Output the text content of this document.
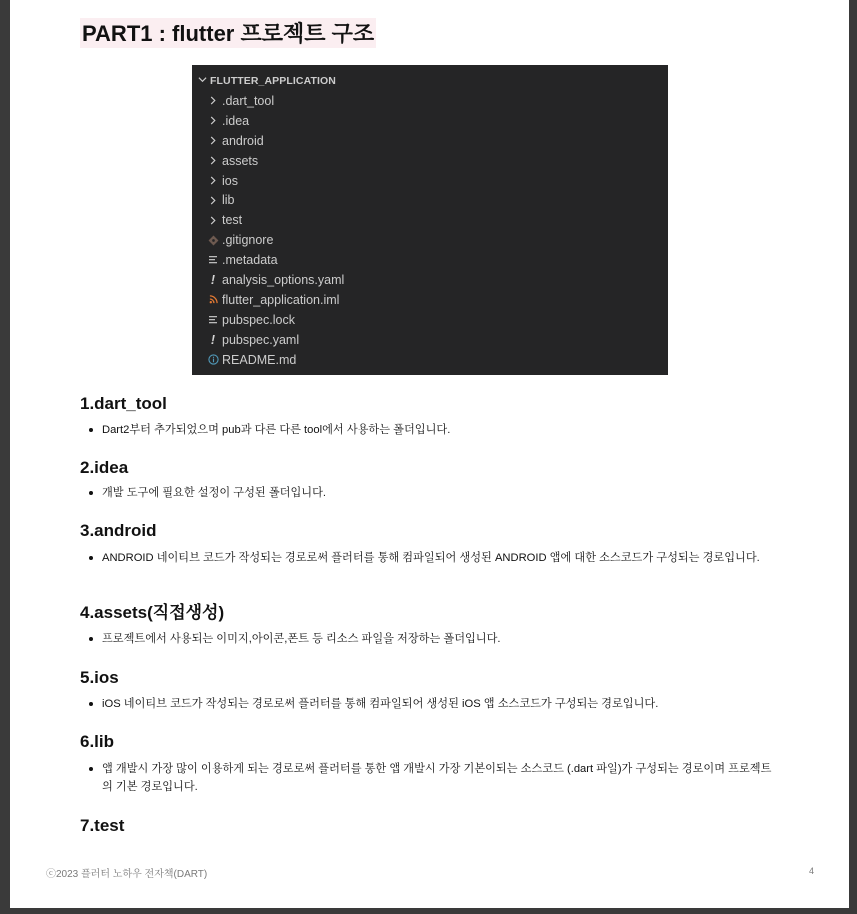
PART1 : flutter 프로젝트 구조
FLUTTER_APPLICATION
.dart_tool
.idea
android
assets
ios
lib
test
.gitignore
.metadata
! analysis_options.yaml
flutter_application.iml
pubspec.lock
! pubspec.yaml
README.md
1.dart_tool
Dart2부터 추가되었으며 pub과 다른 다른 tool에서 사용하는 폴더입니다.
2.idea
개발 도구에 필요한 설정이 구성된 폴더입니다.
3.android
ANDROID 네이티브 코드가 작성되는 경로로써 플러터를 통해 컴파일되어 생성된 ANDROID 앱에 대한 소스코드가 구성되는 경로입니다.
4.assets(직접생성)
프로젝트에서 사용되는 이미지,아이콘,폰트 등 리소스 파일을 저장하는 폴더입니다.
5.ios
iOS 네이티브 코드가 작성되는 경로로써 플러터를 통해 컴파일되어 생성된 iOS 앱 소스코드가 구성되는 경로입니다.
6.lib
앱 개발시 가장 많이 이용하게 되는 경로로써 플러터를 통한 앱 개발시 가장 기본이되는 소스코드 (.dart 파일)가 구성되는 경로이며 프로젝트의 기본 경로입니다.
7.test
ⓒ2023 플러터 노하우 전자책(DART)	4
